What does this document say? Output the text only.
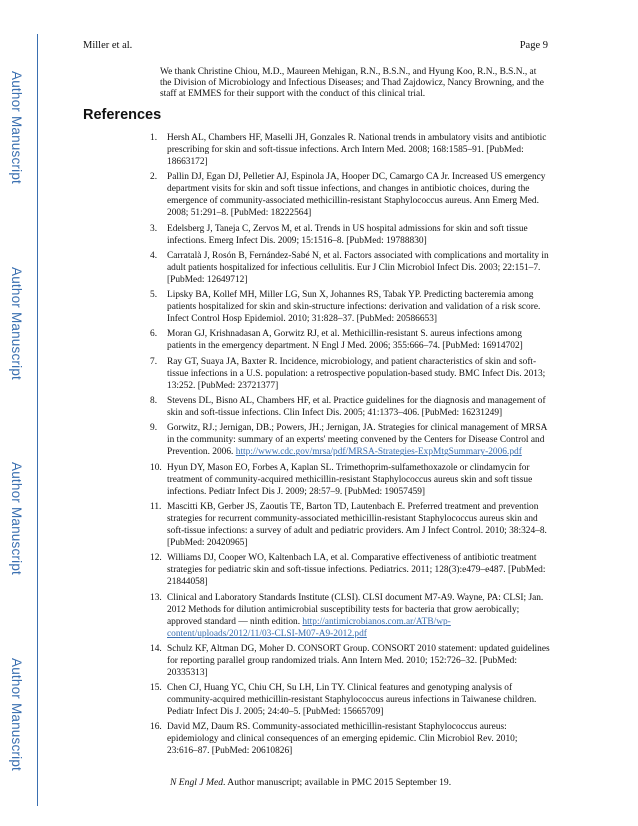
Author Manuscript
Author Manuscript
Author Manuscript
Author Manuscript
Miller et al.	Page 9
We thank Christine Chiou, M.D., Maureen Mehigan, R.N., B.S.N., and Hyung Koo, R.N., B.S.N., at the Division of Microbiology and Infectious Diseases; and Thad Zajdowicz, Nancy Browning, and the staff at EMMES for their support with the conduct of this clinical trial.
References
1. Hersh AL, Chambers HF, Maselli JH, Gonzales R. National trends in ambulatory visits and antibiotic prescribing for skin and soft-tissue infections. Arch Intern Med. 2008; 168:1585–91. [PubMed: 18663172]
2. Pallin DJ, Egan DJ, Pelletier AJ, Espinola JA, Hooper DC, Camargo CA Jr. Increased US emergency department visits for skin and soft tissue infections, and changes in antibiotic choices, during the emergence of community-associated methicillin-resistant Staphylococcus aureus. Ann Emerg Med. 2008; 51:291–8. [PubMed: 18222564]
3. Edelsberg J, Taneja C, Zervos M, et al. Trends in US hospital admissions for skin and soft tissue infections. Emerg Infect Dis. 2009; 15:1516–8. [PubMed: 19788830]
4. Carratalà J, Rosón B, Fernández-Sabé N, et al. Factors associated with complications and mortality in adult patients hospitalized for infectious cellulitis. Eur J Clin Microbiol Infect Dis. 2003; 22:151–7. [PubMed: 12649712]
5. Lipsky BA, Kollef MH, Miller LG, Sun X, Johannes RS, Tabak YP. Predicting bacteremia among patients hospitalized for skin and skin-structure infections: derivation and validation of a risk score. Infect Control Hosp Epidemiol. 2010; 31:828–37. [PubMed: 20586653]
6. Moran GJ, Krishnadasan A, Gorwitz RJ, et al. Methicillin-resistant S. aureus infections among patients in the emergency department. N Engl J Med. 2006; 355:666–74. [PubMed: 16914702]
7. Ray GT, Suaya JA, Baxter R. Incidence, microbiology, and patient characteristics of skin and soft-tissue infections in a U.S. population: a retrospective population-based study. BMC Infect Dis. 2013; 13:252. [PubMed: 23721377]
8. Stevens DL, Bisno AL, Chambers HF, et al. Practice guidelines for the diagnosis and management of skin and soft-tissue infections. Clin Infect Dis. 2005; 41:1373–406. [PubMed: 16231249]
9. Gorwitz, RJ.; Jernigan, DB.; Powers, JH.; Jernigan, JA. Strategies for clinical management of MRSA in the community: summary of an experts' meeting convened by the Centers for Disease Control and Prevention. 2006. http://www.cdc.gov/mrsa/pdf/MRSA-Strategies-ExpMtgSummary-2006.pdf
10. Hyun DY, Mason EO, Forbes A, Kaplan SL. Trimethoprim-sulfamethoxazole or clindamycin for treatment of community-acquired methicillin-resistant Staphylococcus aureus skin and soft tissue infections. Pediatr Infect Dis J. 2009; 28:57–9. [PubMed: 19057459]
11. Mascitti KB, Gerber JS, Zaoutis TE, Barton TD, Lautenbach E. Preferred treatment and prevention strategies for recurrent community-associated methicillin-resistant Staphylococcus aureus skin and soft-tissue infections: a survey of adult and pediatric providers. Am J Infect Control. 2010; 38:324–8. [PubMed: 20420965]
12. Williams DJ, Cooper WO, Kaltenbach LA, et al. Comparative effectiveness of antibiotic treatment strategies for pediatric skin and soft-tissue infections. Pediatrics. 2011; 128(3):e479–e487. [PubMed: 21844058]
13. Clinical and Laboratory Standards Institute (CLSI). CLSI document M7-A9. Wayne, PA: CLSI; Jan. 2012 Methods for dilution antimicrobial susceptibility tests for bacteria that grow aerobically; approved standard — ninth edition. http://antimicrobianos.com.ar/ATB/wp-content/uploads/2012/11/03-CLSI-M07-A9-2012.pdf
14. Schulz KF, Altman DG, Moher D. CONSORT Group. CONSORT 2010 statement: updated guidelines for reporting parallel group randomized trials. Ann Intern Med. 2010; 152:726–32. [PubMed: 20335313]
15. Chen CJ, Huang YC, Chiu CH, Su LH, Lin TY. Clinical features and genotyping analysis of community-acquired methicillin-resistant Staphylococcus aureus infections in Taiwanese children. Pediatr Infect Dis J. 2005; 24:40–5. [PubMed: 15665709]
16. David MZ, Daum RS. Community-associated methicillin-resistant Staphylococcus aureus: epidemiology and clinical consequences of an emerging epidemic. Clin Microbiol Rev. 2010; 23:616–87. [PubMed: 20610826]
N Engl J Med. Author manuscript; available in PMC 2015 September 19.
